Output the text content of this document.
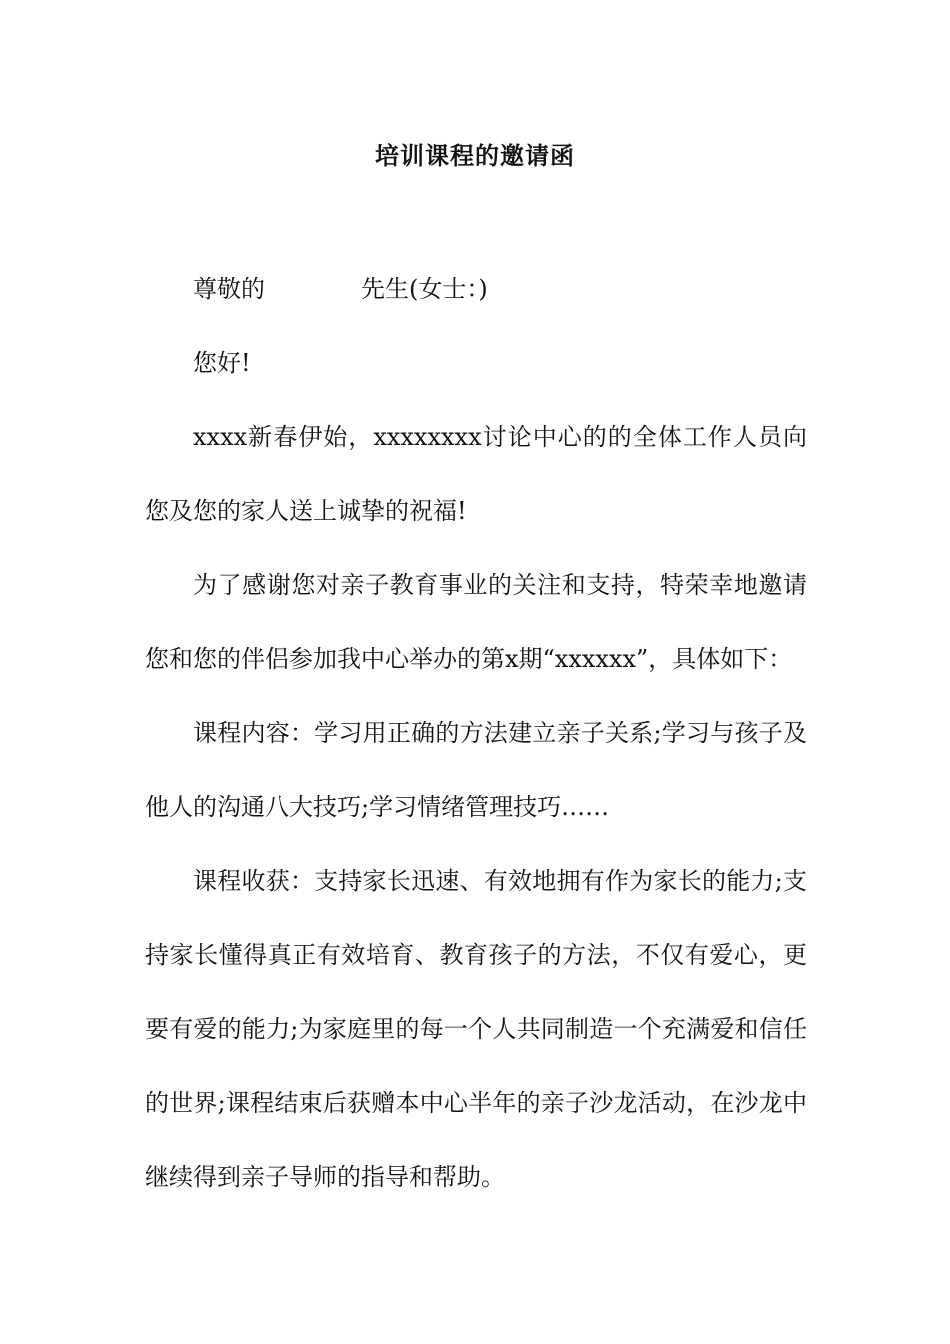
培训课程的邀请函

尊敬的	先生(女士：)

您好!

xxxx新春伊始，xxxxxxxx讨论中心的的全体工作人员向您及您的家人送上诚挚的祝福!

为了感谢您对亲子教育事业的关注和支持，特荣幸地邀请您和您的伴侣参加我中心举办的第x期“xxxxxx”，具体如下：

课程内容：学习用正确的方法建立亲子关系;学习与孩子及他人的沟通八大技巧;学习情绪管理技巧……

课程收获：支持家长迅速、有效地拥有作为家长的能力;支持家长懂得真正有效培育、教育孩子的方法，不仅有爱心，更要有爱的能力;为家庭里的每一个人共同制造一个充满爱和信任的世界;课程结束后获赠本中心半年的亲子沙龙活动，在沙龙中继续得到亲子导师的指导和帮助。
